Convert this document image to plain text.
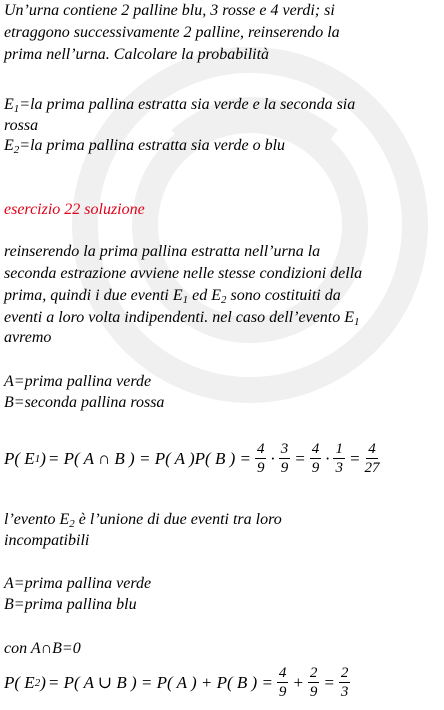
Un’urna contiene 2 palline blu, 3 rosse e 4 verdi; si
etraggono successivamente 2 palline, reinserendo la
prima nell’urna. Calcolare la probabilità
$E_1=la$ prima pallina estratta sia verde e la seconda sia
rossa
$E_2=la$ prima pallina estratta sia verde o blu
esercizio 22 soluzione
reinserendo la prima pallina estratta nell’urna la
seconda estrazione avviene nelle stesse condizioni della
prima, quindi i due eventi $E_1$ ed $E_2$ sono costituiti da
eventi a loro volta indipendenti. nel caso dell’evento $E_1$
avremo
A=prima pallina verde
B=seconda pallina rossa
P( E 1 ) = P( A ∩ B ) = P( A )P( B ) = $\frac{4}{9} \cdot \frac{3}{9} = \frac{4}{9} \cdot \frac{1}{3} = \frac{4}{27}$
l’evento $E_2$ è l’unione di due eventi tra loro
incompatibili
A=prima pallina verde
B=prima pallina blu
con A∩B=0
P( E 2 ) = P( A ∪ B ) = P( A ) + P( B ) = $\frac{4}{9} + \frac{2}{9} = \frac{2}{3}$
